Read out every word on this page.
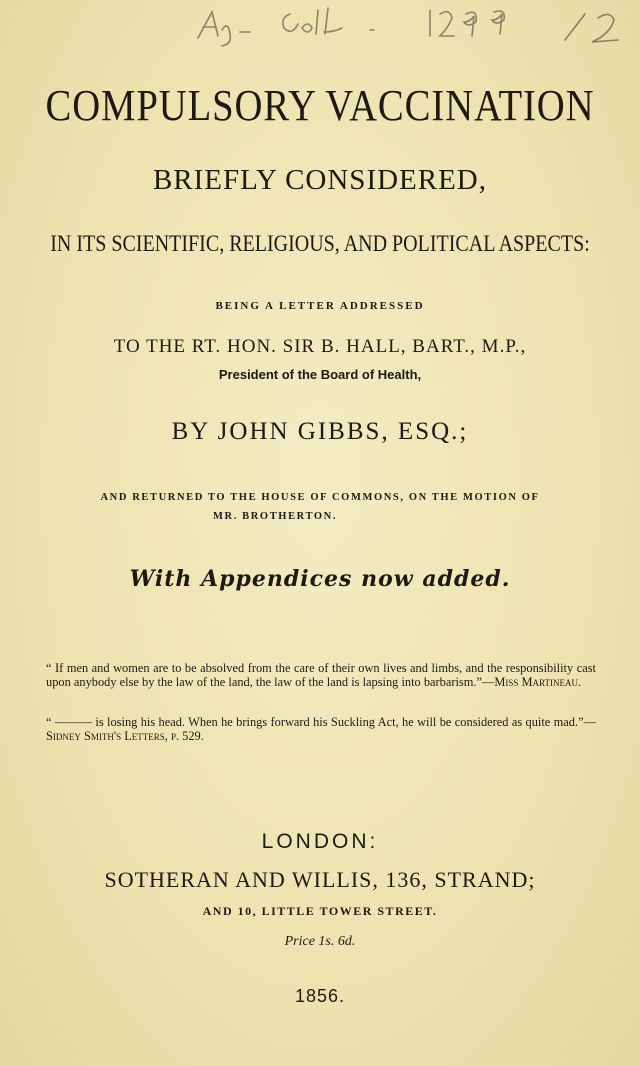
COMPULSORY VACCINATION
BRIEFLY CONSIDERED,
IN ITS SCIENTIFIC, RELIGIOUS, AND POLITICAL ASPECTS:
BEING A LETTER ADDRESSED
TO THE RT. HON. SIR B. HALL, BART., M.P.,
President of the Board of Health,
BY JOHN GIBBS, ESQ.;
AND RETURNED TO THE HOUSE OF COMMONS, ON THE MOTION OF
MR. BROTHERTON.
With Appendices now added.
“ If men and women are to be absolved from the care of their own lives and limbs, and the responsibility cast upon anybody else by the law of the land, the law of the land is lapsing into barbarism.”—Miss Martineau.
“ ——— is losing his head. When he brings forward his Suckling Act, he will be considered as quite mad.”—Sidney Smith's Letters, p. 529.
LONDON:
SOTHERAN AND WILLIS, 136, STRAND;
AND 10, LITTLE TOWER STREET.
Price 1s. 6d.
1856.
